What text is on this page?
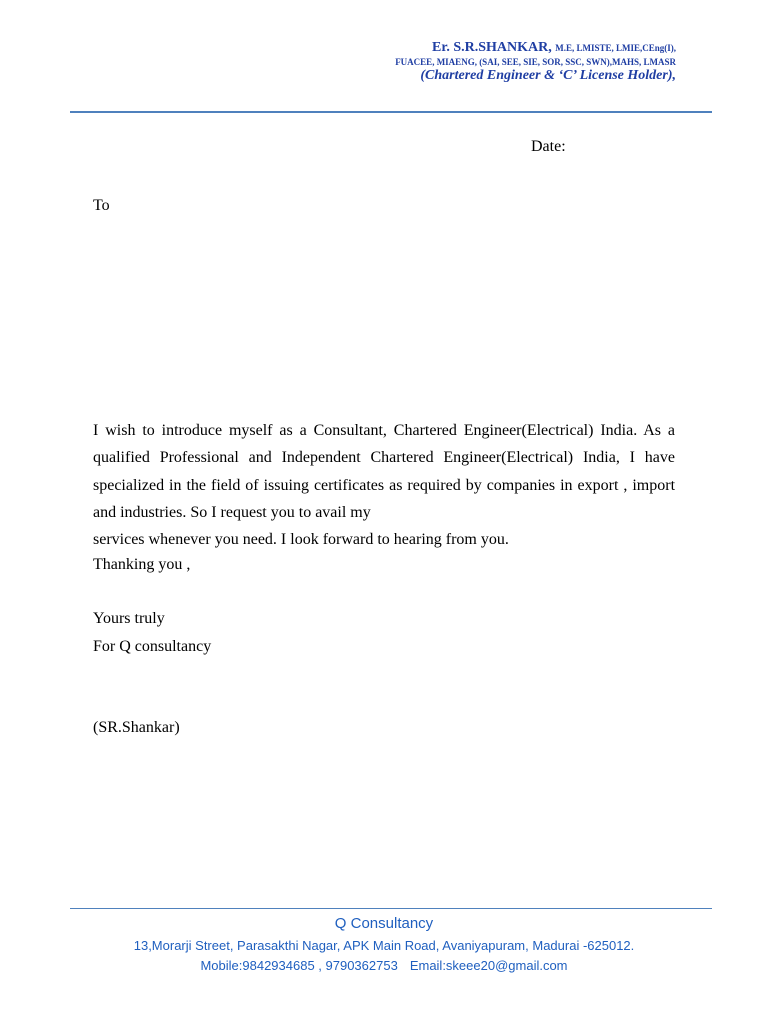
Er. S.R.SHANKAR, M.E, LMISTE, LMIE,CEng(I),
FUACEE, MIAENG, (SAI, SEE, SIE, SOR, SSC, SWN),MAHS, LMASR
(Chartered Engineer & ‘C’ License Holder),
Date:
To
I wish to introduce myself as a Consultant, Chartered Engineer(Electrical) India. As a qualified Professional and Independent Chartered Engineer(Electrical) India, I have specialized in the field of issuing certificates as required by companies in export , import and industries. So I request you to avail my
services whenever you need. I look forward to hearing from you.
Thanking you ,
Yours truly
For Q consultancy
(SR.Shankar)
Q Consultancy
13,Morarji Street, Parasakthi Nagar, APK Main Road, Avaniyapuram, Madurai -625012.
Mobile:9842934685 , 9790362753 Email:skeee20@gmail.com
